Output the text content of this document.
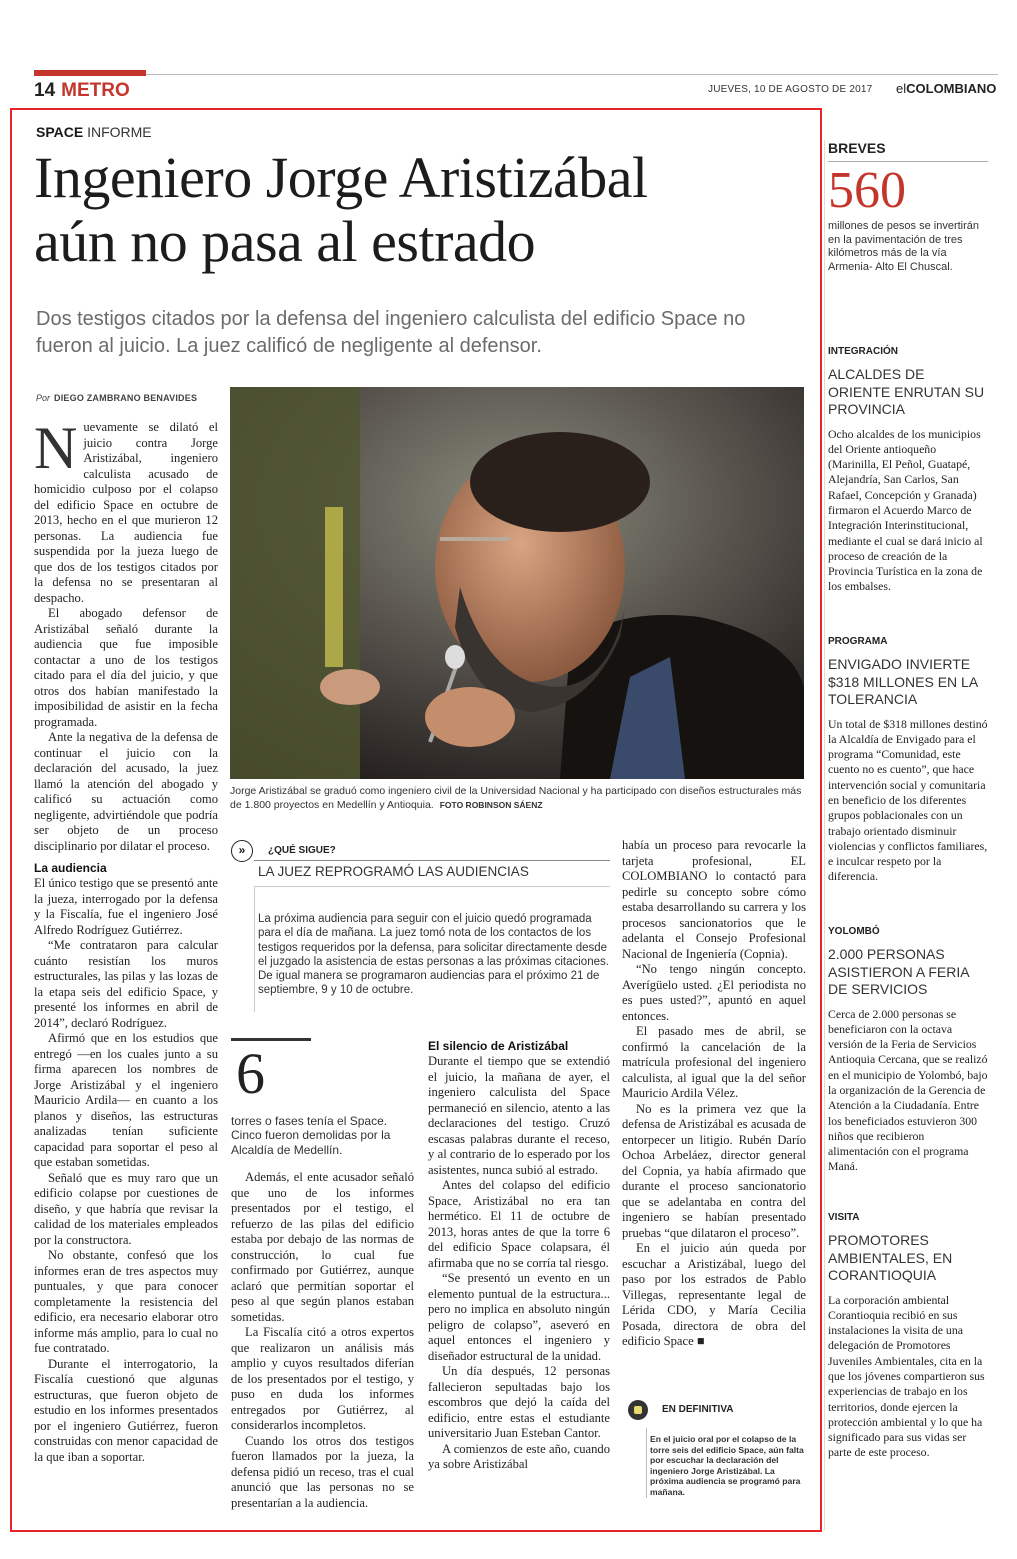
14 METRO	JUEVES, 10 DE AGOSTO DE 2017 elCOLOMBIANO
SPACE INFORME
Ingeniero Jorge Aristizábal
aún no pasa al estrado

Dos testigos citados por la defensa del ingeniero calculista del edificio Space no fueron al juicio. La juez calificó de negligente al defensor.

Por DIEGO ZAMBRANO BENAVIDES

Nuevamente se dilató el juicio contra Jorge Aristizábal, ingeniero calculista acusado de homicidio culposo por el colapso del edificio Space en octubre de 2013, hecho en el que murieron 12 personas. La audiencia fue suspendida por la jueza luego de que dos de los testigos citados por la defensa no se presentaran al despacho.

El abogado defensor de Aristizábal señaló durante la audiencia que fue imposible contactar a uno de los testigos citado para el día del juicio, y que otros dos habían manifestado la imposibilidad de asistir en la fecha programada.

Ante la negativa de la defensa de continuar el juicio con la declaración del acusado, la juez llamó la atención del abogado y calificó su actuación como negligente, advirtiéndole que podría ser objeto de un proceso disciplinario por dilatar el proceso.

La audiencia

El único testigo que se presentó ante la jueza, interrogado por la defensa y la Fiscalía, fue el ingeniero José Alfredo Rodríguez Gutiérrez.

“Me contrataron para calcular cuánto resistían los muros estructurales, las pilas y las lozas de la etapa seis del edificio Space, y presenté los informes en abril de 2014”, declaró Rodríguez.

Afirmó que en los estudios que entregó —en los cuales junto a su firma aparecen los nombres de Jorge Aristizábal y el ingeniero Mauricio Ardila— en cuanto a los planos y diseños, las estructuras analizadas tenían suficiente capacidad para soportar el peso al que estaban sometidas.

Señaló que es muy raro que un edificio colapse por cuestiones de diseño, y que habría que revisar la calidad de los materiales empleados por la constructora.

No obstante, confesó que los informes eran de tres aspectos muy puntuales, y que para conocer completamente la resistencia del edificio, era necesario elaborar otro informe más amplio, para lo cual no fue contratado.

Durante el interrogatorio, la Fiscalía cuestionó que algunas estructuras, que fueron objeto de estudio en los informes presentados por el ingeniero Gutiérrez, fueron construidas con menor capacidad de la que iban a soportar.

Jorge Aristizábal se graduó como ingeniero civil de la Universidad Nacional y ha participado con diseños estructurales más de 1.800 proyectos en Medellín y Antioquia. FOTO ROBINSON SÁENZ

»	¿QUÉ SIGUE?
LA JUEZ REPROGRAMÓ LAS AUDIENCIAS

La próxima audiencia para seguir con el juicio quedó programada para el día de mañana. La juez tomó nota de los contactos de los testigos requeridos por la defensa, para solicitar directamente desde el juzgado la asistencia de estas personas a las próximas citaciones. De igual manera se programaron audiencias para el próximo 21 de septiembre, 9 y 10 de octubre.

6

torres o fases tenía el Space. Cinco fueron demolidas por la Alcaldía de Medellín.

Además, el ente acusador señaló que uno de los informes presentados por el testigo, el refuerzo de las pilas del edificio estaba por debajo de las normas de construcción, lo cual fue confirmado por Gutiérrez, aunque aclaró que permitían soportar el peso al que según planos estaban sometidas.

La Fiscalía citó a otros expertos que realizaron un análisis más amplio y cuyos resultados diferían de los presentados por el testigo, y puso en duda los informes entregados por Gutiérrez, al considerarlos incompletos.

Cuando los otros dos testigos fueron llamados por la jueza, la defensa pidió un receso, tras el cual anunció que las personas no se presentarían a la audiencia.

El silencio de Aristizábal

Durante el tiempo que se extendió el juicio, la mañana de ayer, el ingeniero calculista del Space permaneció en silencio, atento a las declaraciones del testigo. Cruzó escasas palabras durante el receso, y al contrario de lo esperado por los asistentes, nunca subió al estrado.

Antes del colapso del edificio Space, Aristizábal no era tan hermético. El 11 de octubre de 2013, horas antes de que la torre 6 del edificio Space colapsara, él afirmaba que no se corría tal riesgo.

“Se presentó un evento en un elemento puntual de la estructura... pero no implica en absoluto ningún peligro de colapso”, aseveró en aquel entonces el ingeniero y diseñador estructural de la unidad.

Un día después, 12 personas fallecieron sepultadas bajo los escombros que dejó la caída del edificio, entre estas el estudiante universitario Juan Esteban Cantor.

A comienzos de este año, cuando ya sobre Aristizábal

había un proceso para revocarle la tarjeta profesional, EL COLOMBIANO lo contactó para pedirle su concepto sobre cómo estaba desarrollando su carrera y los procesos sancionatorios que le adelanta el Consejo Profesional Nacional de Ingeniería (Copnia).

“No tengo ningún concepto. Averígüelo usted. ¿El periodista no es pues usted?”, apuntó en aquel entonces.

El pasado mes de abril, se confirmó la cancelación de la matrícula profesional del ingeniero calculista, al igual que la del señor Mauricio Ardila Vélez.

No es la primera vez que la defensa de Aristizábal es acusada de entorpecer un litigio. Rubén Darío Ochoa Arbeláez, director general del Copnia, ya había afirmado que durante el proceso sancionatorio que se adelantaba en contra del ingeniero se habían presentado pruebas “que dilataron el proceso”.

En el juicio aún queda por escuchar a Aristizábal, luego del paso por los estrados de Pablo Villegas, representante legal de Lérida CDO, y María Cecilia Posada, directora de obra del edificio Space ■

EN DEFINITIVA

En el juicio oral por el colapso de la torre seis del edificio Space, aún falta por escuchar la declaración del ingeniero Jorge Aristizábal. La próxima audiencia se programó para mañana.

BREVES
560

millones de pesos se invertirán en la pavimentación de tres kilómetros más de la vía Armenia- Alto El Chuscal.

INTEGRACIÓN
ALCALDES DE ORIENTE ENRUTAN SU PROVINCIA

Ocho alcaldes de los municipios del Oriente antioqueño (Marinilla, El Peñol, Guatapé, Alejandría, San Carlos, San Rafael, Concepción y Granada) firmaron el Acuerdo Marco de Integración Interinstitucional, mediante el cual se dará inicio al proceso de creación de la Provincia Turística en la zona de los embalses.

PROGRAMA
ENVIGADO INVIERTE $318 MILLONES EN LA TOLERANCIA

Un total de $318 millones destinó la Alcaldía de Envigado para el programa “Comunidad, este cuento no es cuento”, que hace intervención social y comunitaria en beneficio de los diferentes grupos poblacionales con un trabajo orientado disminuir violencias y conflictos familiares, e inculcar respeto por la diferencia.

YOLOMBÓ
2.000 PERSONAS ASISTIERON A FERIA DE SERVICIOS

Cerca de 2.000 personas se beneficiaron con la octava versión de la Feria de Servicios Antioquia Cercana, que se realizó en el municipio de Yolombó, bajo la organización de la Gerencia de Atención a la Ciudadanía. Entre los beneficiados estuvieron 300 niños que recibieron alimentación con el programa Maná.

VISITA
PROMOTORES AMBIENTALES, EN CORANTIOQUIA

La corporación ambiental Corantioquia recibió en sus instalaciones la visita de una delegación de Promotores Juveniles Ambientales, cita en la que los jóvenes compartieron sus experiencias de trabajo en los territorios, donde ejercen la protección ambiental y lo que ha significado para sus vidas ser parte de este proceso.
